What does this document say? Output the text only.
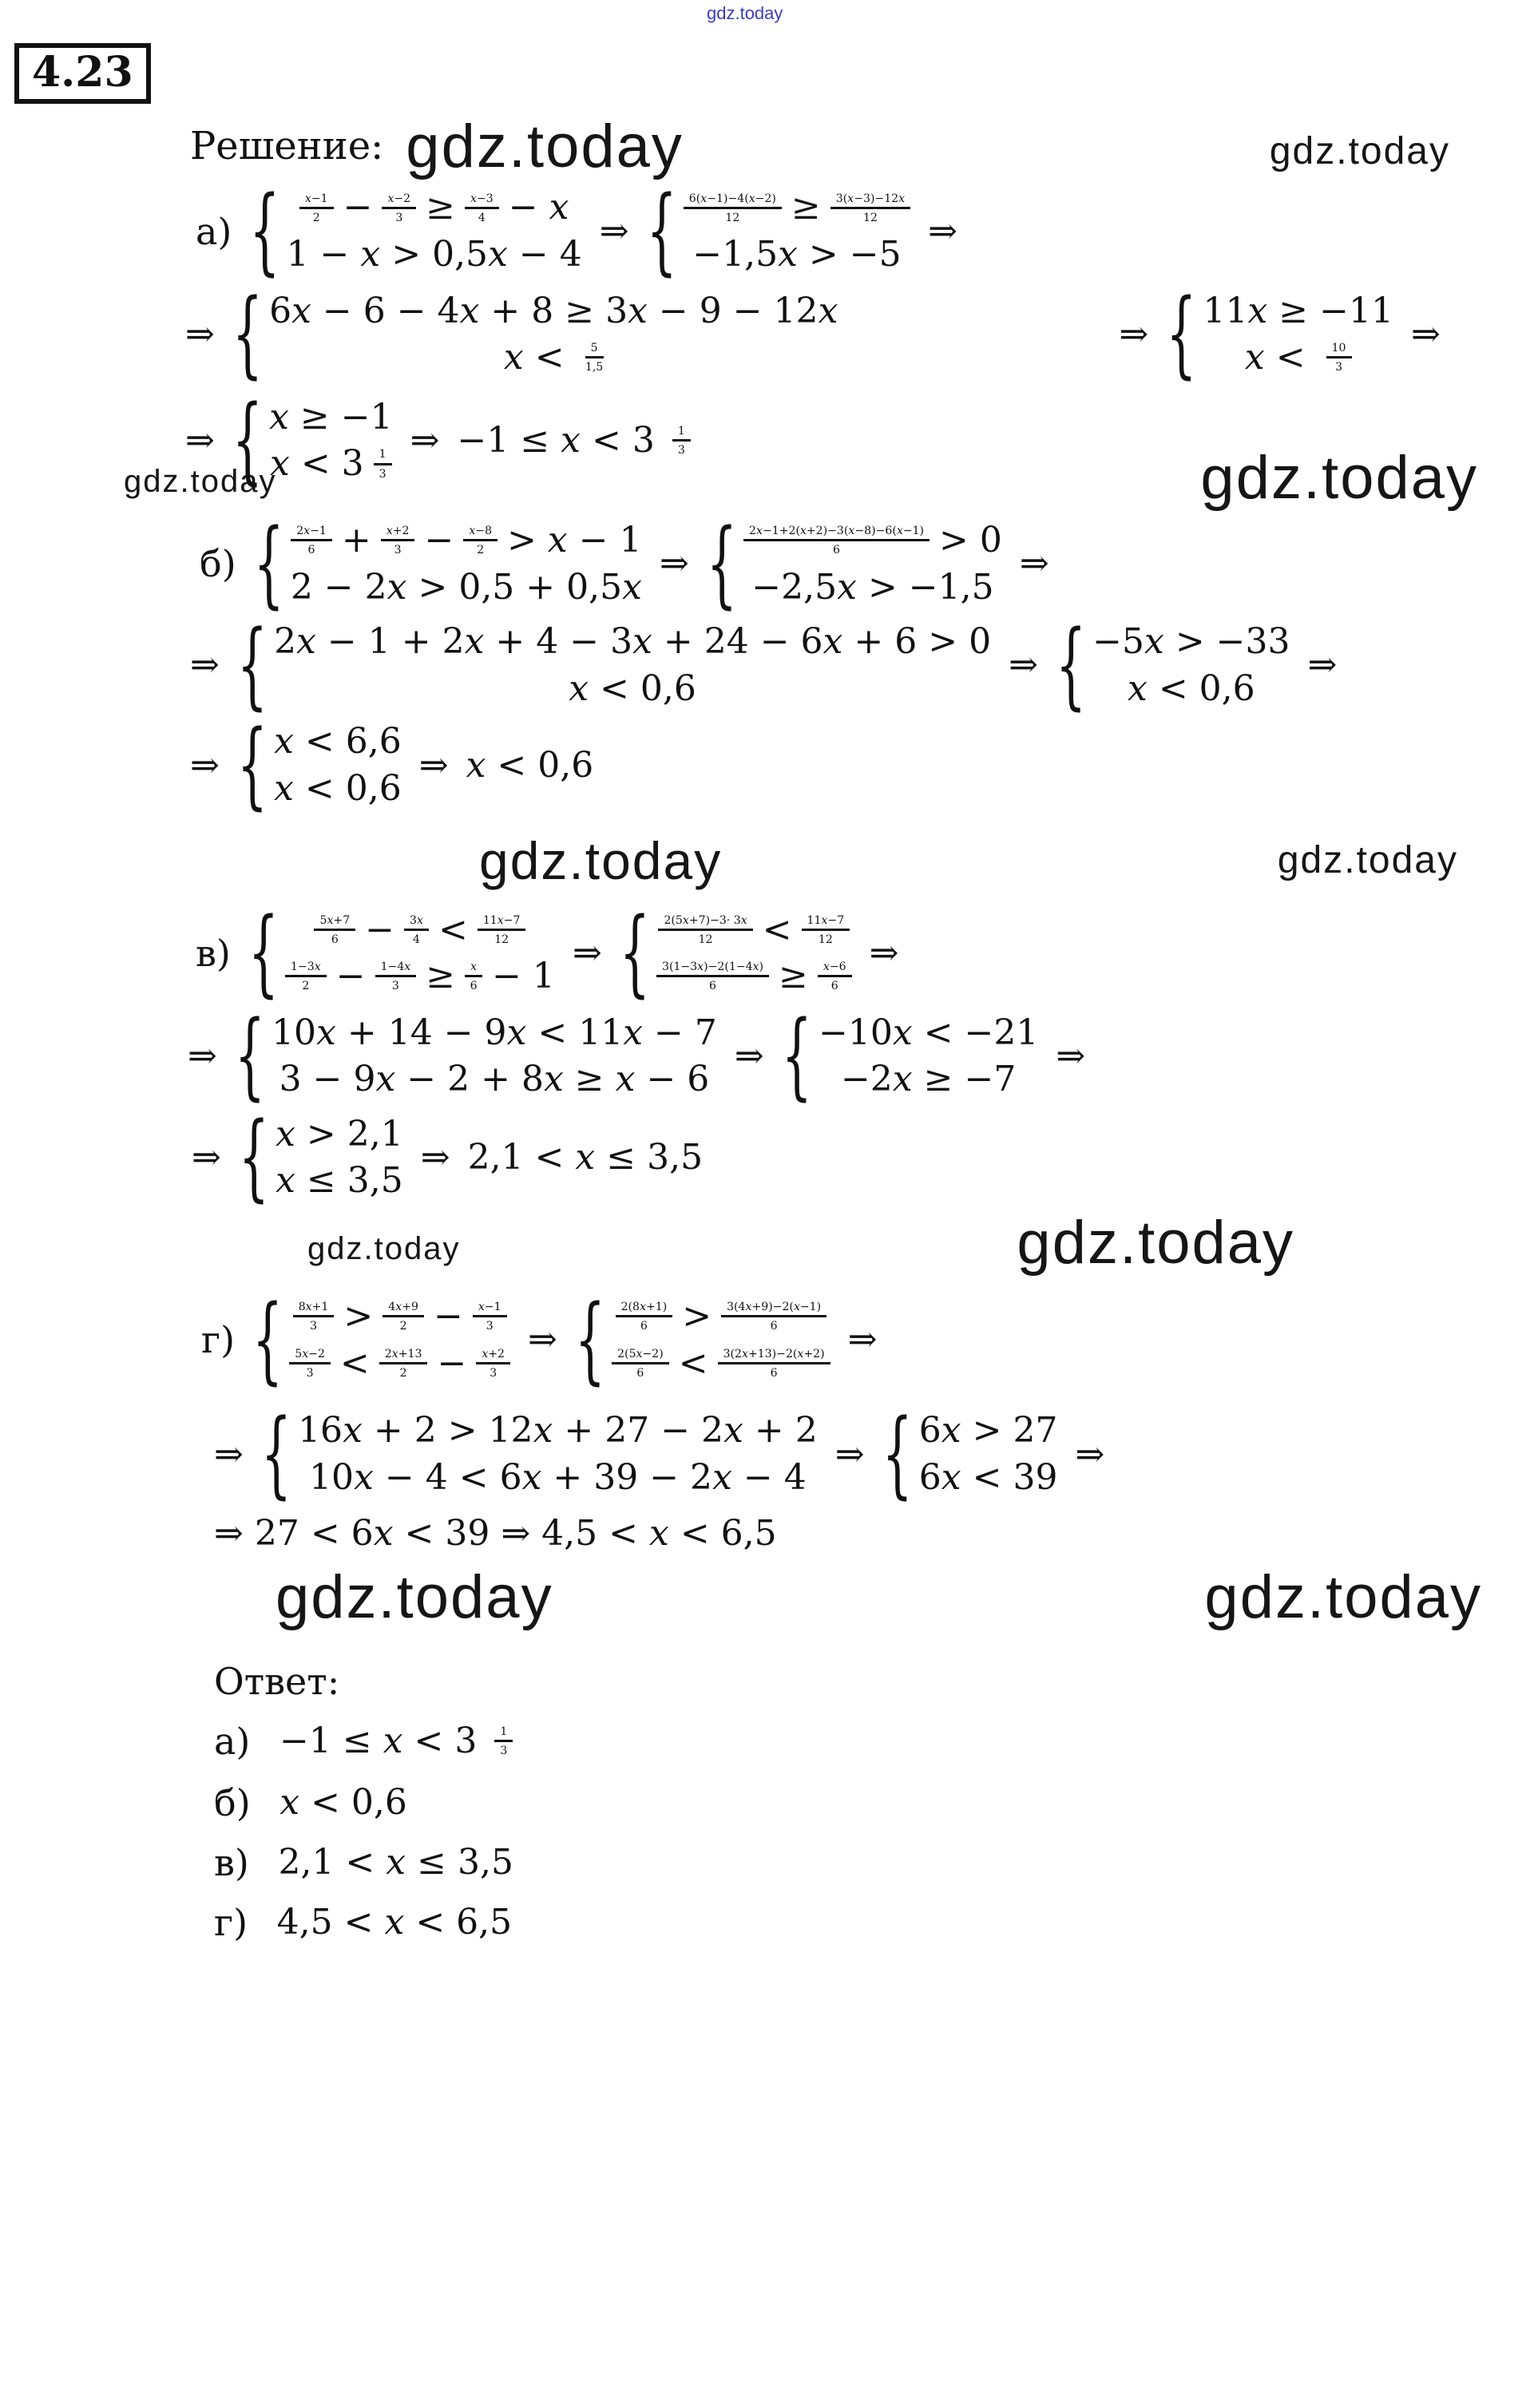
gdz.today
4.23
Решение: gdz.today	gdz.today
а) { $\frac{x-1}{2} - \frac{x-2}{3} \ge \frac{x-3}{4} - x$
1 − x > 0,5x − 4
⇒ { $\frac{6(x-1)-4(x-2)}{12} \ge \frac{3(x-3)-12x}{12}$
−1,5x > −5
⇒
⇒ { 6x − 6 − 4x + 8 ≥ 3x − 9 − 12x
$x < \frac{5}{1,5}$
⇒ { 11x ≥ −11
$x < \frac{10}{3}$
⇒
⇒ { x ≥ −1
$x < 3 \frac{1}{3}$
⇒ $-1 \le x < 3 \frac{1}{3}$
gdz.today
gdz.today
б) { $\frac{2x-1}{6} + \frac{x+2}{3} - \frac{x-8}{2} > x - 1$
2 − 2x > 0,5 + 0,5x
⇒ { $\frac{2x-1+2(x+2)-3(x-8)-6(x-1)}{6} > 0$
−2,5x > −1,5
⇒
⇒ { 2x − 1 + 2x + 4 − 3x + 24 − 6x + 6 > 0
x < 0,6
⇒ { −5x > −33
x < 0,6
⇒
⇒ { x < 6,6
x < 0,6
⇒ x < 0,6
gdz.today	gdz.today
в) {	$\frac{5x+7}{6} - \frac{3x}{4} < \frac{11x-7}{12}$
$\frac{1-3x}{2} - \frac{1-4x}{3} \ge \frac{x}{6} - 1$
⇒ { $\frac{2(5x+7)-3\cdot 3x}{12} < \frac{11x-7}{12}$
$\frac{3(1-3x)-2(1-4x)}{6} \ge \frac{x-6}{6}$
⇒
⇒ { 10x + 14 − 9x < 11x − 7
3 − 9x − 2 + 8x ≥ x − 6
⇒ { −10x < −21
−2x ≥ −7
⇒
⇒ { x > 2,1
x ≤ 3,5
⇒ 2,1 < x ≤ 3,5
gdz.today	gdz.today
г) { $\frac{8x+1}{3} > \frac{4x+9}{2} - \frac{x-1}{3}$
$\frac{5x-2}{3} < \frac{2x+13}{2} - \frac{x+2}{3}$
⇒ { $\frac{2(8x+1)}{6} > \frac{3(4x+9)-2(x-1)}{6}$
$\frac{2(5x-2)}{6} < \frac{3(2x+13)-2(x+2)}{6}$
⇒
⇒ { 16x + 2 > 12x + 27 − 2x + 2
10x − 4 < 6x + 39 − 2x − 4
⇒ { 6x > 27
6x < 39
⇒
⇒ 27 < 6x < 39 ⇒ 4,5 < x < 6,5
gdz.today	gdz.today
Ответ:
$а) -1 \le x < 3 \frac{1}{3}$
б) x < 0,6
в) 2,1 < x ≤ 3,5
г) 4,5 < x < 6,5
